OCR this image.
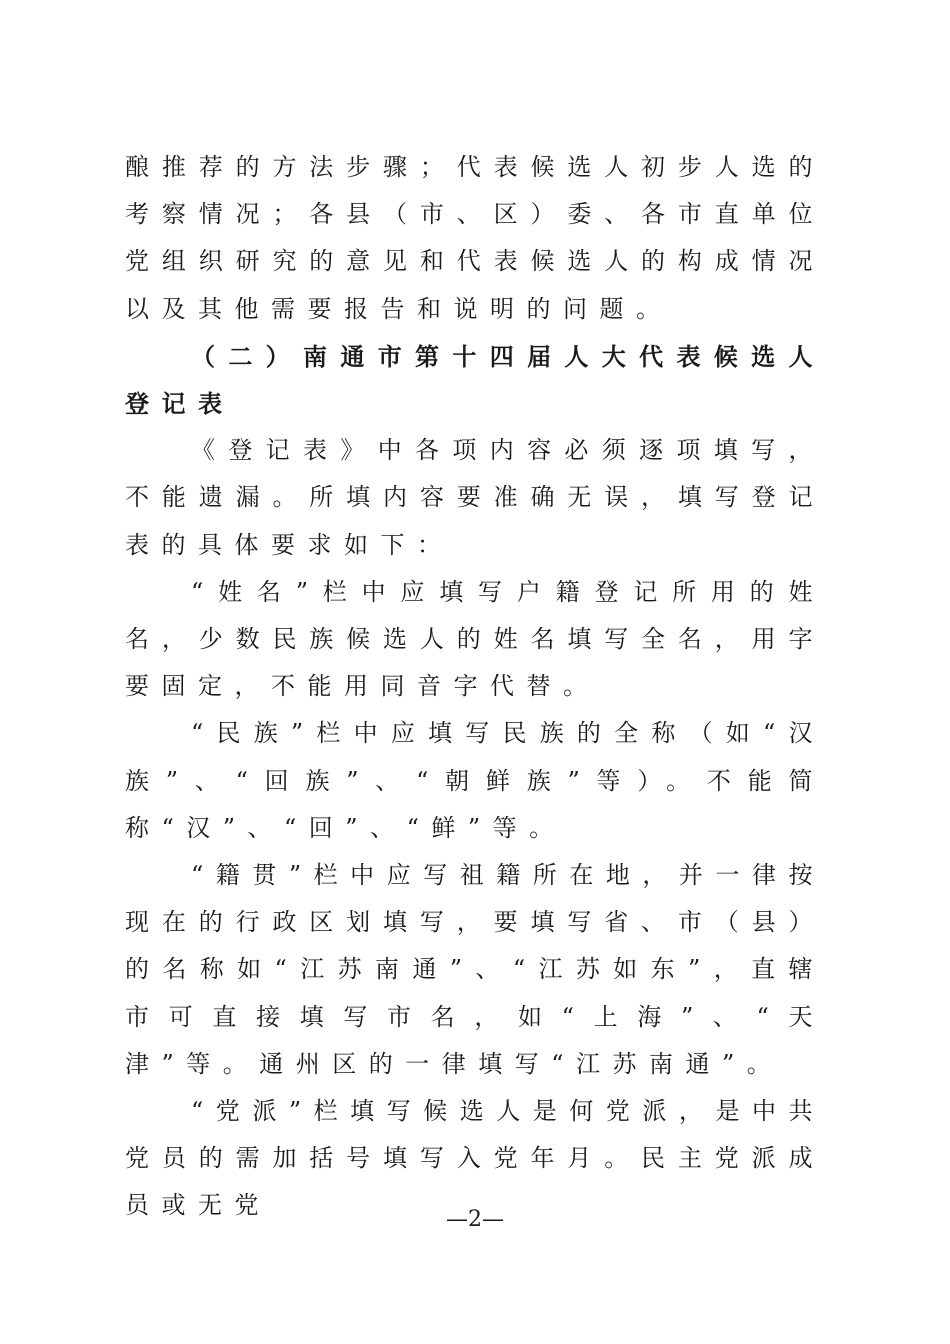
酿推荐的方法步骤；代表候选人初步人选的考察情况；各县（市、区）委、各市直单位党组织研究的意见和代表候选人的构成情况以及其他需要报告和说明的问题。

（二）南通市第十四届人大代表候选人登记表

《登记表》中各项内容必须逐项填写，不能遗漏。所填内容要准确无误，填写登记表的具体要求如下：

“姓名”栏中应填写户籍登记所用的姓名，少数民族候选人的姓名填写全名，用字要固定，不能用同音字代替。

“民族”栏中应填写民族的全称（如“汉族”、“回族”、“朝鲜族”等）。不能简称“汉”、“回”、“鲜”等。

“籍贯”栏中应写祖籍所在地，并一律按现在的行政区划填写，要填写省、市（县）的名称如“江苏南通”、“江苏如东”，直辖市可直接填写市名，如“上海”、“天津”等。通州区的一律填写“江苏南通”。

“党派”栏填写候选人是何党派，是中共党员的需加括号填写入党年月。民主党派成员或无党

—2—
